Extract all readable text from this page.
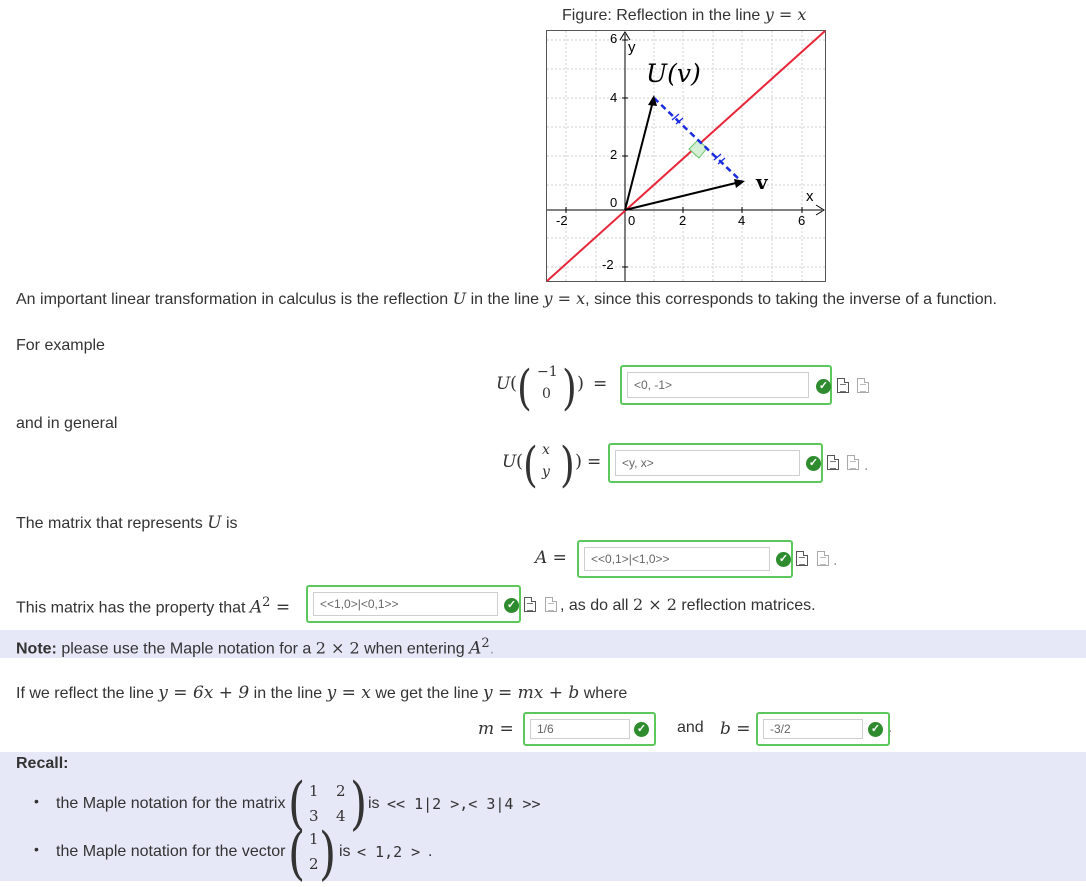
Figure: Reflection in the line y = x
-2	0	2	4	6
6
4
2
0
-2
y
x
U(v)
v
An important linear transformation in calculus is the reflection U in the line y = x, since this corresponds to taking the inverse of a function.
For example
U ( ( −1
0 ) ) =
<0, -1>	✓
and in general
U ( ( x
y ) ) =
<y, x>	✓	.
The matrix that represents U is
A =
<<0,1>|<1,0>>	✓	.
This matrix has the property that $A^2$ =
<<1,0>|<0,1>>	✓	, as do all 2 × 2 reflection matrices.
Note: please use the Maple notation for a 2 × 2 when entering $A^2$.
If we reflect the line y = 6x + 9 in the line y = x we get the line y = mx + b where
m =
1/6	✓ and b =
-3/2	✓ .
Recall:
• the Maple notation for the matrix ( 1 2
3 4 ) is << 1|2 >,< 3|4 >>
• the Maple notation for the vector ( 1
2 ) is < 1,2 > .
